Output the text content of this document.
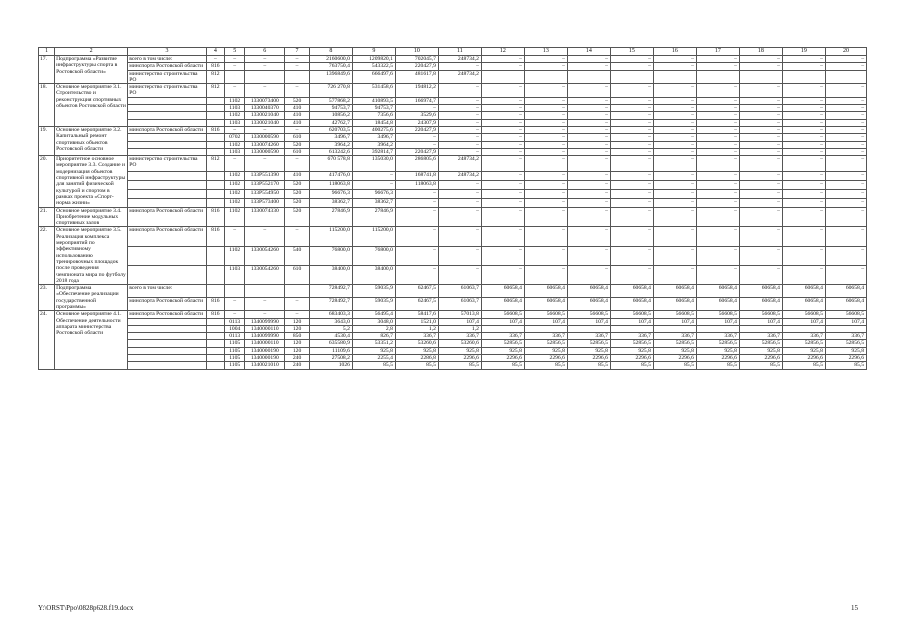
1	2	3	4	5	6	7	8	9	10	11	12	13	14	15	16	17	18	19	20
17.	Подпрограмма «Развитие инфраструктуры спорта в Ростовской области»	всего в том числе:	–	–	–	–	2160600,0	1209820,1	702045,7	248734,2	–	–	–	–	–	–	–	–	–
		минспорта Ростовской области	816	–	–	–	763750,4	543322,5	220427,9	–	–	–	–	–	–	–	–	–	–
		министерство строительства РО	812				1396849,6	666497,6	481617,8	248734,2									
18.	Основное мероприятие 3.1. Строительство и реконструкция спортивных объектов Ростовской области	министерство строительства РО	812	–	–	–	726 270,8	531458,6	194812,2	–	–	–	–	–	–	–	–	–	–
				1102	1330073400	520	577868,2	410893,5	166974,7	–	–	–	–	–	–	–	–	–	–
				1103	1330040370	410	94753,7	94753,7	–	–	–	–	–	–	–	–	–	–	–
				1102	1330021040	410	10856,2	7356,6	3529,6	–	–	–	–	–	–	–	–	–	–
				1103	1330021040	410	42762,7	18454,8	24307,9	–	–	–	–	–	–	–	–	–	–
19.	Основное мероприятие 3.2. Капитальный ремонт спортивных объектов Ростовской области	минспорта Ростовской области	816	–	–	–	620703,5	400275,6	220427,9	–	–	–	–	–	–	–	–	–	–
				0702	1330000590	610	3496,7	3496,7	–	–	–	–	–	–	–	–	–	–	–
				1102	1330074260	520	3964,2	3964,2	–	–	–	–	–	–	–	–	–	–	–
				1103	1330000590	610	613242,6	392814,7	220427,9	–	–	–	–	–	–	–	–	–	–
20.	Приоритетное основное мероприятие 3.3. Создание и модернизация объектов спортивной инфраструктуры для занятий физической культурой и спортом в рамках проекта «Спорт-норма жизни»	министерство строительства РО	812	–	–	–	670 578,8	135030,0	286805,6	248734,2	–	–	–	–	–	–	–	–	–
				1102	133Р551390	410	417476,0	–	168741,8	248734,2	–	–	–	–	–	–	–	–	–
				1102	133Р552170	520	118063,8	–	118063,8	–	–	–	–	–	–	–	–	–	–
				1102	133Р554950	520	96676,3	96676,3	–	–	–	–	–	–	–	–	–	–	–
				1102	133Р573400	520	38362,7	38362,7	–	–	–	–	–	–	–	–	–	–	–
21.	Основное мероприятие 3.4. Приобретение модульных спортивных залов	минспорта Ростовской области	816	1102	1330074330	520	27846,9	27846,9	–	–	–	–	–	–	–	–	–	–	–
22.	Основное мероприятие 3.5. Реализация комплекса мероприятий по эффективному использованию тренировочных площадок после проведения чемпионата мира по футболу 2018 года	минспорта Ростовской области	816	–	–	–	115200,0	115200,0	–	–	–	–	–	–	–	–	–	–	–
				1102	1330054260	540	76800,0	76800,0	–	–	–	–	–	–	–	–	–	–	–
				1103	1330054260	610	38400,0	38400,0	–	–	–	–	–	–	–	–	–	–	–
23.	Подпрограмма «Обеспечение реализации государственной программы»	всего в том числе:					728492,7	59035,9	62467,5	61063,7	60658,4	60658,4	60658,4	60658,4	60658,4	60658,4	60658,4	60658,4	60658,4
		минспорта Ростовской области	816	–	–	–	728492,7	59035,9	62467,5	61063,7	60658,4	60658,4	60658,4	60658,4	60658,4	60658,4	60658,4	60658,4	60658,4
24.	Основное мероприятие 4.1. Обеспечение деятельности аппарата министерства Ростовской области	минспорта Ростовской области	816	–	–	–	683403,3	56495,4	58417,6	57013,8	56608,5	56608,5	56608,5	56608,5	56608,5	56608,5	56608,5	56608,5	56608,5
				0113	1340099990	120	3643,0	3048,0	1521,0	107,4	107,4	107,4	107,4	107,4	107,4	107,4	107,4	107,4	107,4
				1004	1340000110	120	5,2	2,8	1,2	1,2									
				0113	1340099990	850	4530,4	826,7	336,7	336,7	336,7	336,7	336,7	336,7	336,7	336,7	336,7	336,7	336,7
				1105	1340000110	120	635580,9	53351,2	53260,6	53260,6	52856,5	52856,5	52856,5	52856,5	52856,5	52856,5	52856,5	52856,5	52856,5
				1105	1340000190	120	11109,6	925,8	925,8	925,8	925,8	925,8	925,8	925,8	925,8	925,8	925,8	925,8	925,8
				1105	1340000190	240	27508,2	2255,4	2286,8	2296,6	2296,6	2296,6	2296,6	2296,6	2296,6	2296,6	2296,6	2296,6	2296,6
				1105	1340021010	240	1026	85,5	85,5	85,5	85,5	85,5	85,5	85,5	85,5	85,5	85,5	85,5	85,5
Y:\ORST\Ppo\0828p628.f19.docx	15
